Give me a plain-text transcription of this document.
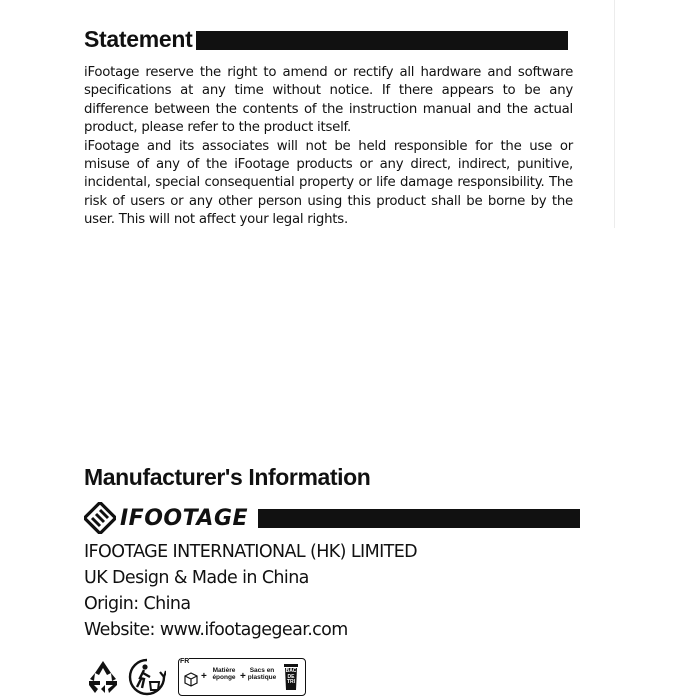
Statement

iFootage reserve the right to amend or rectify all hardware and software specifications at any time without notice. If there appears to be any difference between the contents of the instruction manual and the actual product, please refer to the product itself.

iFootage and its associates will not be held responsible for the use or misuse of any of the iFootage products or any direct, indirect, punitive, incidental, special consequential property or life damage responsibility. The risk of users or any other person using this product shall be borne by the user. This will not affect your legal rights.

Manufacturer's Information
IFOOTAGE
IFOOTAGE INTERNATIONAL (HK) LIMITED
UK Design & Made in China
Origin: China
Website: www.ifootagegear.com
FR
+
Matière éponge +
Sacs en plastique
BAC DE TRI
